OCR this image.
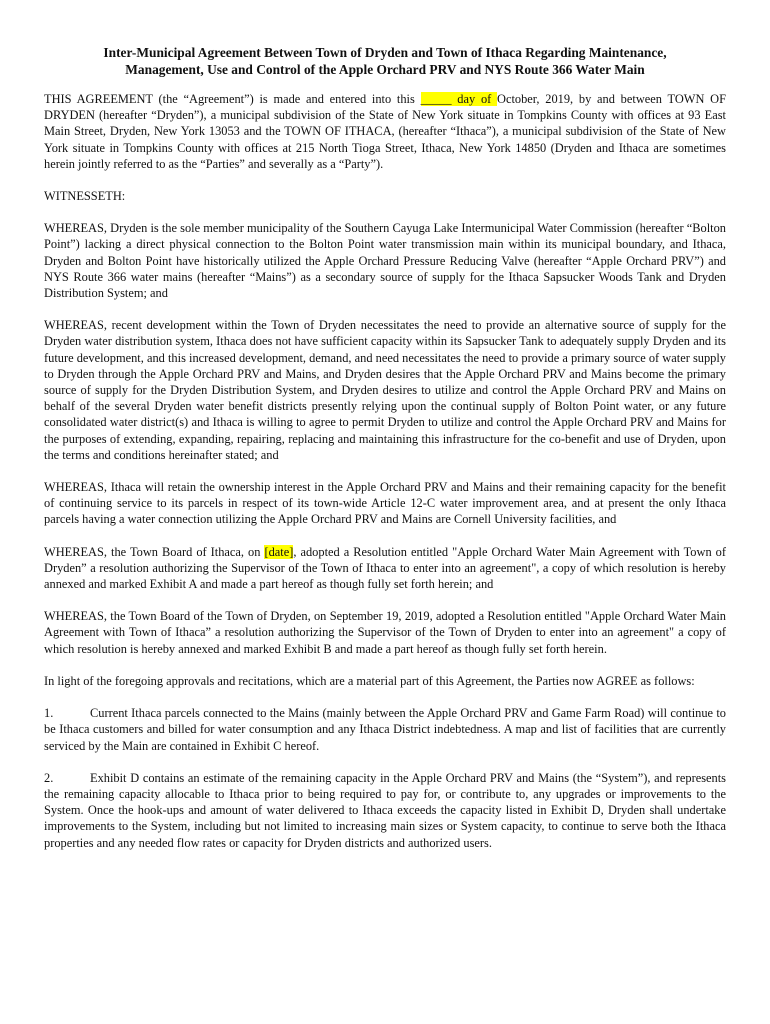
Inter-Municipal Agreement Between Town of Dryden and Town of Ithaca Regarding Maintenance,
Management, Use and Control of the Apple Orchard PRV and NYS Route 366 Water Main

THIS AGREEMENT (the “Agreement”) is made and entered into this _____ day of October, 2019, by and between TOWN OF DRYDEN (hereafter “Dryden”), a municipal subdivision of the State of New York situate in Tompkins County with offices at 93 East Main Street, Dryden, New York 13053 and the TOWN OF ITHACA, (hereafter “Ithaca”), a municipal subdivision of the State of New York situate in Tompkins County with offices at 215 North Tioga Street, Ithaca, New York 14850 (Dryden and Ithaca are sometimes herein jointly referred to as the “Parties” and severally as a “Party”).

WITNESSETH:

WHEREAS, Dryden is the sole member municipality of the Southern Cayuga Lake Intermunicipal Water Commission (hereafter “Bolton Point”) lacking a direct physical connection to the Bolton Point water transmission main within its municipal boundary, and Ithaca, Dryden and Bolton Point have historically utilized the Apple Orchard Pressure Reducing Valve (hereafter “Apple Orchard PRV”) and NYS Route 366 water mains (hereafter “Mains”) as a secondary source of supply for the Ithaca Sapsucker Woods Tank and Dryden Distribution System; and

WHEREAS, recent development within the Town of Dryden necessitates the need to provide an alternative source of supply for the Dryden water distribution system, Ithaca does not have sufficient capacity within its Sapsucker Tank to adequately supply Dryden and its future development, and this increased development, demand, and need necessitates the need to provide a primary source of water supply to Dryden through the Apple Orchard PRV and Mains, and Dryden desires that the Apple Orchard PRV and Mains become the primary source of supply for the Dryden Distribution System, and Dryden desires to utilize and control the Apple Orchard PRV and Mains on behalf of the several Dryden water benefit districts presently relying upon the continual supply of Bolton Point water, or any future consolidated water district(s) and Ithaca is willing to agree to permit Dryden to utilize and control the Apple Orchard PRV and Mains for the purposes of extending, expanding, repairing, replacing and maintaining this infrastructure for the co-benefit and use of Dryden, upon the terms and conditions hereinafter stated; and

WHEREAS, Ithaca will retain the ownership interest in the Apple Orchard PRV and Mains and their remaining capacity for the benefit of continuing service to its parcels in respect of its town-wide Article 12-C water improvement area, and at present the only Ithaca parcels having a water connection utilizing the Apple Orchard PRV and Mains are Cornell University facilities, and

WHEREAS, the Town Board of Ithaca, on [date], adopted a Resolution entitled "Apple Orchard Water Main Agreement with Town of Dryden” a resolution authorizing the Supervisor of the Town of Ithaca to enter into an agreement", a copy of which resolution is hereby annexed and marked Exhibit A and made a part hereof as though fully set forth herein; and

WHEREAS, the Town Board of the Town of Dryden, on September 19, 2019, adopted a Resolution entitled "Apple Orchard Water Main Agreement with Town of Ithaca” a resolution authorizing the Supervisor of the Town of Dryden to enter into an agreement" a copy of which resolution is hereby annexed and marked Exhibit B and made a part hereof as though fully set forth herein.

In light of the foregoing approvals and recitations, which are a material part of this Agreement, the Parties now AGREE as follows:

1.	Current Ithaca parcels connected to the Mains (mainly between the Apple Orchard PRV and Game Farm Road) will continue to be Ithaca customers and billed for water consumption and any Ithaca District indebtedness. A map and list of facilities that are currently serviced by the Main are contained in Exhibit C hereof.

2.	Exhibit D contains an estimate of the remaining capacity in the Apple Orchard PRV and Mains (the “System”), and represents the remaining capacity allocable to Ithaca prior to being required to pay for, or contribute to, any upgrades or improvements to the System. Once the hook-ups and amount of water delivered to Ithaca exceeds the capacity listed in Exhibit D, Dryden shall undertake improvements to the System, including but not limited to increasing main sizes or System capacity, to continue to serve both the Ithaca properties and any needed flow rates or capacity for Dryden districts and authorized users.
